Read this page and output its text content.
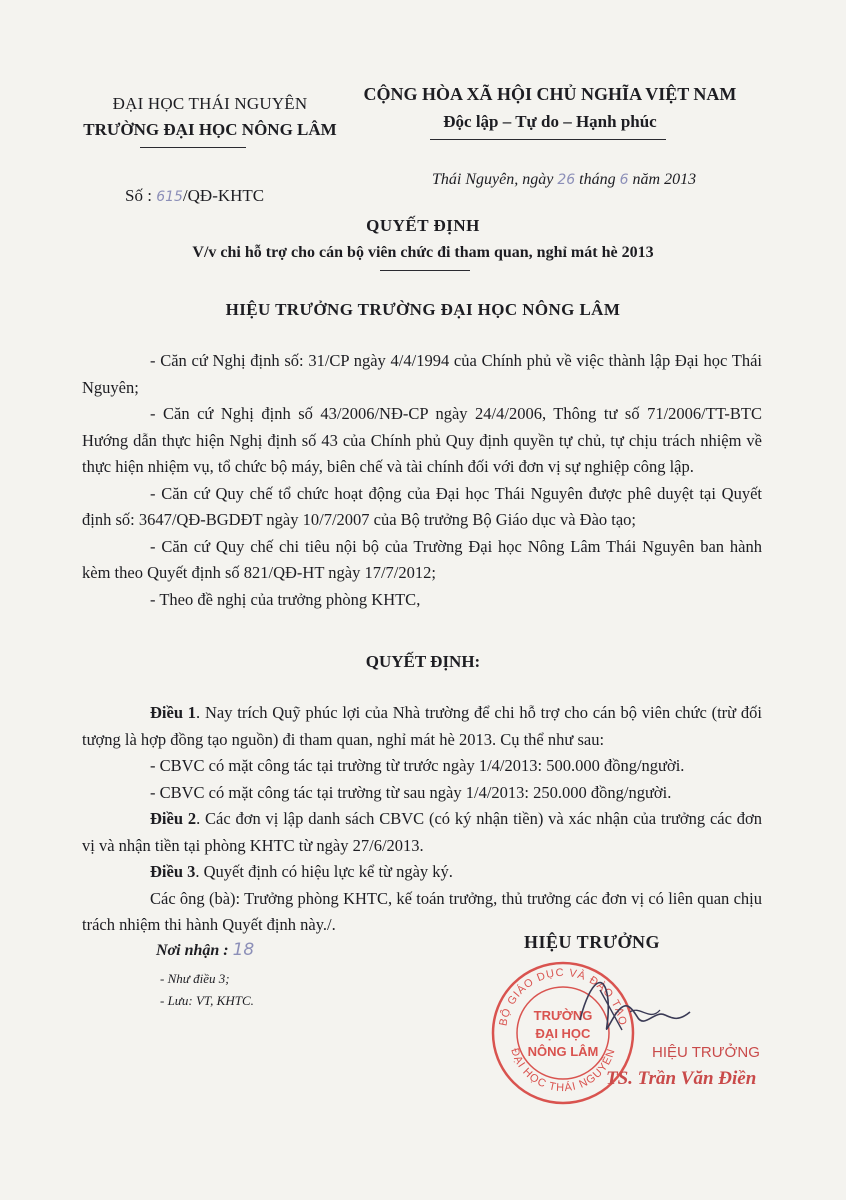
ĐẠI HỌC THÁI NGUYÊN
TRƯỜNG ĐẠI HỌC NÔNG LÂM
CỘNG HÒA XÃ HỘI CHỦ NGHĨA VIỆT NAM
Độc lập – Tự do – Hạnh phúc
Số : 615/QĐ-KHTC
Thái Nguyên, ngày 26 tháng 6 năm 2013
QUYẾT ĐỊNH
V/v chi hỗ trợ cho cán bộ viên chức đi tham quan, nghỉ mát hè 2013
HIỆU TRƯỞNG TRƯỜNG ĐẠI HỌC NÔNG LÂM

- Căn cứ Nghị định số: 31/CP ngày 4/4/1994 của Chính phủ về việc thành lập Đại học Thái Nguyên;

- Căn cứ Nghị định số 43/2006/NĐ-CP ngày 24/4/2006, Thông tư số 71/2006/TT-BTC Hướng dẫn thực hiện Nghị định số 43 của Chính phủ Quy định quyền tự chủ, tự chịu trách nhiệm về thực hiện nhiệm vụ, tổ chức bộ máy, biên chế và tài chính đối với đơn vị sự nghiệp công lập.

- Căn cứ Quy chế tổ chức hoạt động của Đại học Thái Nguyên được phê duyệt tại Quyết định số: 3647/QĐ-BGDĐT ngày 10/7/2007 của Bộ trưởng Bộ Giáo dục và Đào tạo;

- Căn cứ Quy chế chi tiêu nội bộ của Trường Đại học Nông Lâm Thái Nguyên ban hành kèm theo Quyết định số 821/QĐ-HT ngày 17/7/2012;

- Theo đề nghị của trưởng phòng KHTC,

QUYẾT ĐỊNH:

Điều 1. Nay trích Quỹ phúc lợi của Nhà trường để chi hỗ trợ cho cán bộ viên chức (trừ đối tượng là hợp đồng tạo nguồn) đi tham quan, nghỉ mát hè 2013. Cụ thể như sau:

- CBVC có mặt công tác tại trường từ trước ngày 1/4/2013: 500.000 đồng/người.

- CBVC có mặt công tác tại trường từ sau ngày 1/4/2013: 250.000 đồng/người.

Điều 2. Các đơn vị lập danh sách CBVC (có ký nhận tiền) và xác nhận của trưởng các đơn vị và nhận tiền tại phòng KHTC từ ngày 27/6/2013.

Điều 3. Quyết định có hiệu lực kể từ ngày ký.

Các ông (bà): Trưởng phòng KHTC, kế toán trưởng, thủ trưởng các đơn vị có liên quan chịu trách nhiệm thi hành Quyết định này./.

Nơi nhận : 18
- Như điều 3;
- Lưu: VT, KHTC.
HIỆU TRƯỞNG
BỘ GIÁO DỤC VÀ ĐÀO TẠO
ĐẠI HỌC THÁI NGUYÊN
TRƯỜNG
ĐẠI HỌC
NÔNG LÂM	HIỆU TRƯỞNG
TS. Trần Văn Điền
